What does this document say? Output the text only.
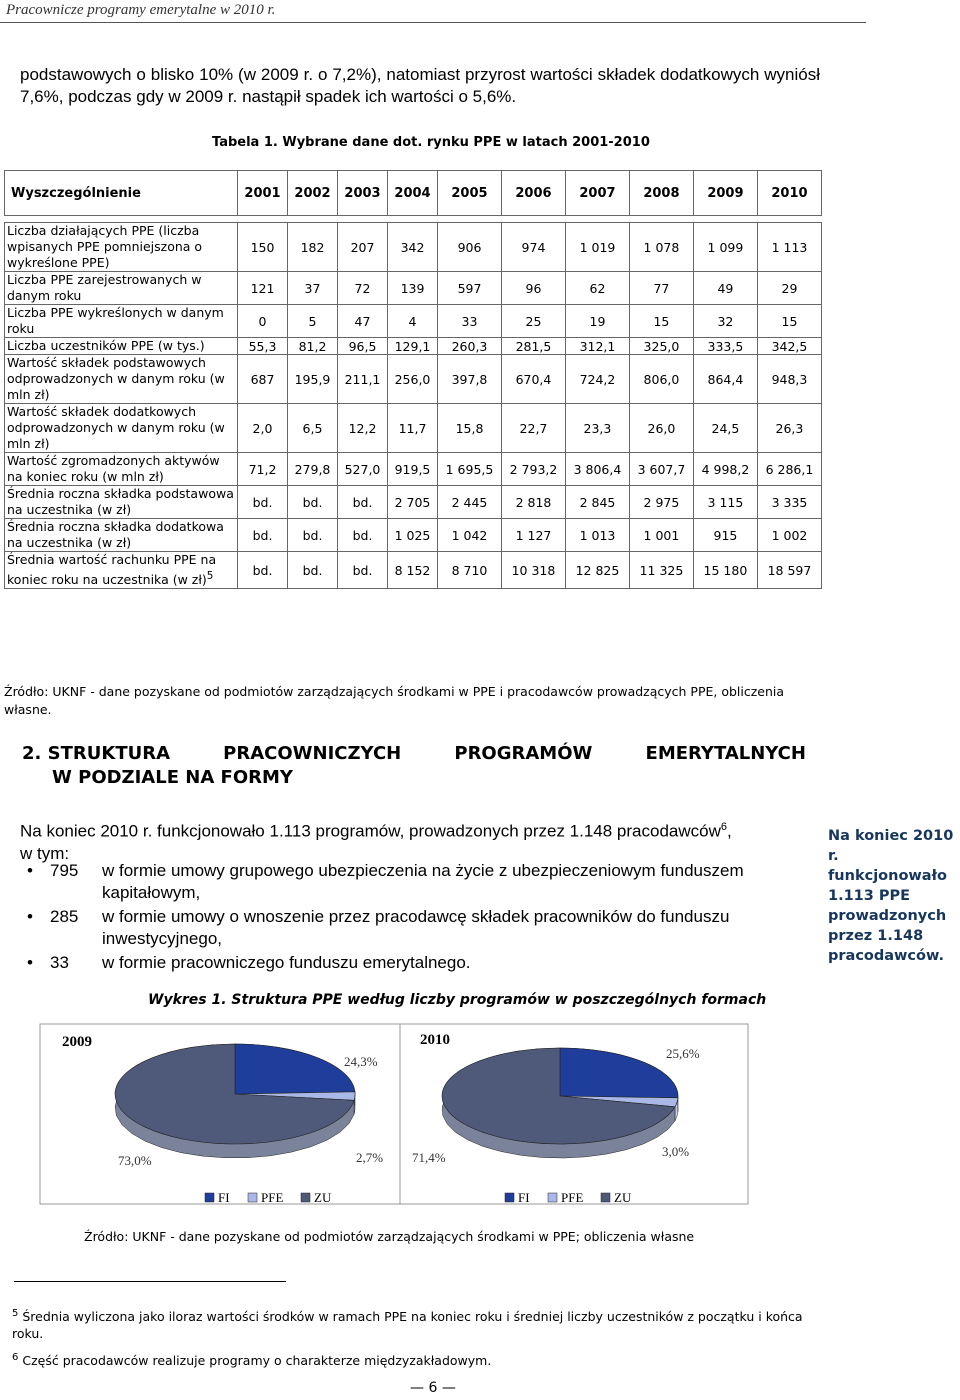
Pracownicze programy emerytalne w 2010 r.
podstawowych o blisko 10% (w 2009 r. o 7,2%), natomiast przyrost wartości składek dodatkowych wyniósł 7,6%, podczas gdy w 2009 r. nastąpił spadek ich wartości o 5,6%.
Tabela 1. Wybrane dane dot. rynku PPE w latach 2001-2010
Wyszczególnienie	2001	2002	2003	2004	2005	2006	2007	2008	2009	2010

Liczba działających PPE (liczba wpisanych PPE pomniejszona o wykreślone PPE)	150	182	207	342	906	974	1 019	1 078	1 099	1 113
Liczba PPE zarejestrowanych w danym roku	121	37	72	139	597	96	62	77	49	29
Liczba PPE wykreślonych w danym roku	0	5	47	4	33	25	19	15	32	15
Liczba uczestników PPE (w tys.)	55,3	81,2	96,5	129,1	260,3	281,5	312,1	325,0	333,5	342,5
Wartość składek podstawowych odprowadzonych w danym roku (w mln zł)	687	195,9	211,1	256,0	397,8	670,4	724,2	806,0	864,4	948,3
Wartość składek dodatkowych odprowadzonych w danym roku (w mln zł)	2,0	6,5	12,2	11,7	15,8	22,7	23,3	26,0	24,5	26,3
Wartość zgromadzonych aktywów na koniec roku (w mln zł)	71,2	279,8	527,0	919,5	1 695,5	2 793,2	3 806,4	3 607,7	4 998,2	6 286,1
Średnia roczna składka podstawowa na uczestnika (w zł)	bd.	bd.	bd.	2 705	2 445	2 818	2 845	2 975	3 115	3 335
Średnia roczna składka dodatkowa na uczestnika (w zł)	bd.	bd.	bd.	1 025	1 042	1 127	1 013	1 001	915	1 002
Średnia wartość rachunku PPE na koniec roku na uczestnika (w zł)$^5$	bd.	bd.	bd.	8 152	8 710	10 318	12 825	11 325	15 180	18 597
Źródło: UKNF - dane pozyskane od podmiotów zarządzających środkami w PPE i pracodawców prowadzących PPE, obliczenia własne.
2. STRUKTURA	PRACOWNICZYCH	PROGRAMÓW	EMERYTALNYCH
W PODZIALE NA FORMY
Na koniec 2010 r. funkcjonowało 1.113 programów, prowadzonych przez 1.148 pracodawców$^6$,
w tym:
•	795	w formie umowy grupowego ubezpieczenia na życie z ubezpieczeniowym funduszem kapitałowym,
•	285	w formie umowy o wnoszenie przez pracodawcę składek pracowników do funduszu inwestycyjnego,
•	33	w formie pracowniczego funduszu emerytalnego.
Na koniec 2010 r. funkcjonowało 1.113 PPE prowadzonych przez 1.148 pracodawców.
Wykres 1. Struktura PPE według liczby programów w poszczególnych formach
2009
24,3%
2,7%
73,0%
FI PFE ZU
2010
25,6%
3,0%
71,4%
FI PFE ZU
Źródło: UKNF - dane pozyskane od podmiotów zarządzających środkami w PPE; obliczenia własne
$^5$ Średnia wyliczona jako iloraz wartości środków w ramach PPE na koniec roku i średniej liczby uczestników z początku i końca roku.
$^6$ Część pracodawców realizuje programy o charakterze międzyzakładowym.
— 6 —
